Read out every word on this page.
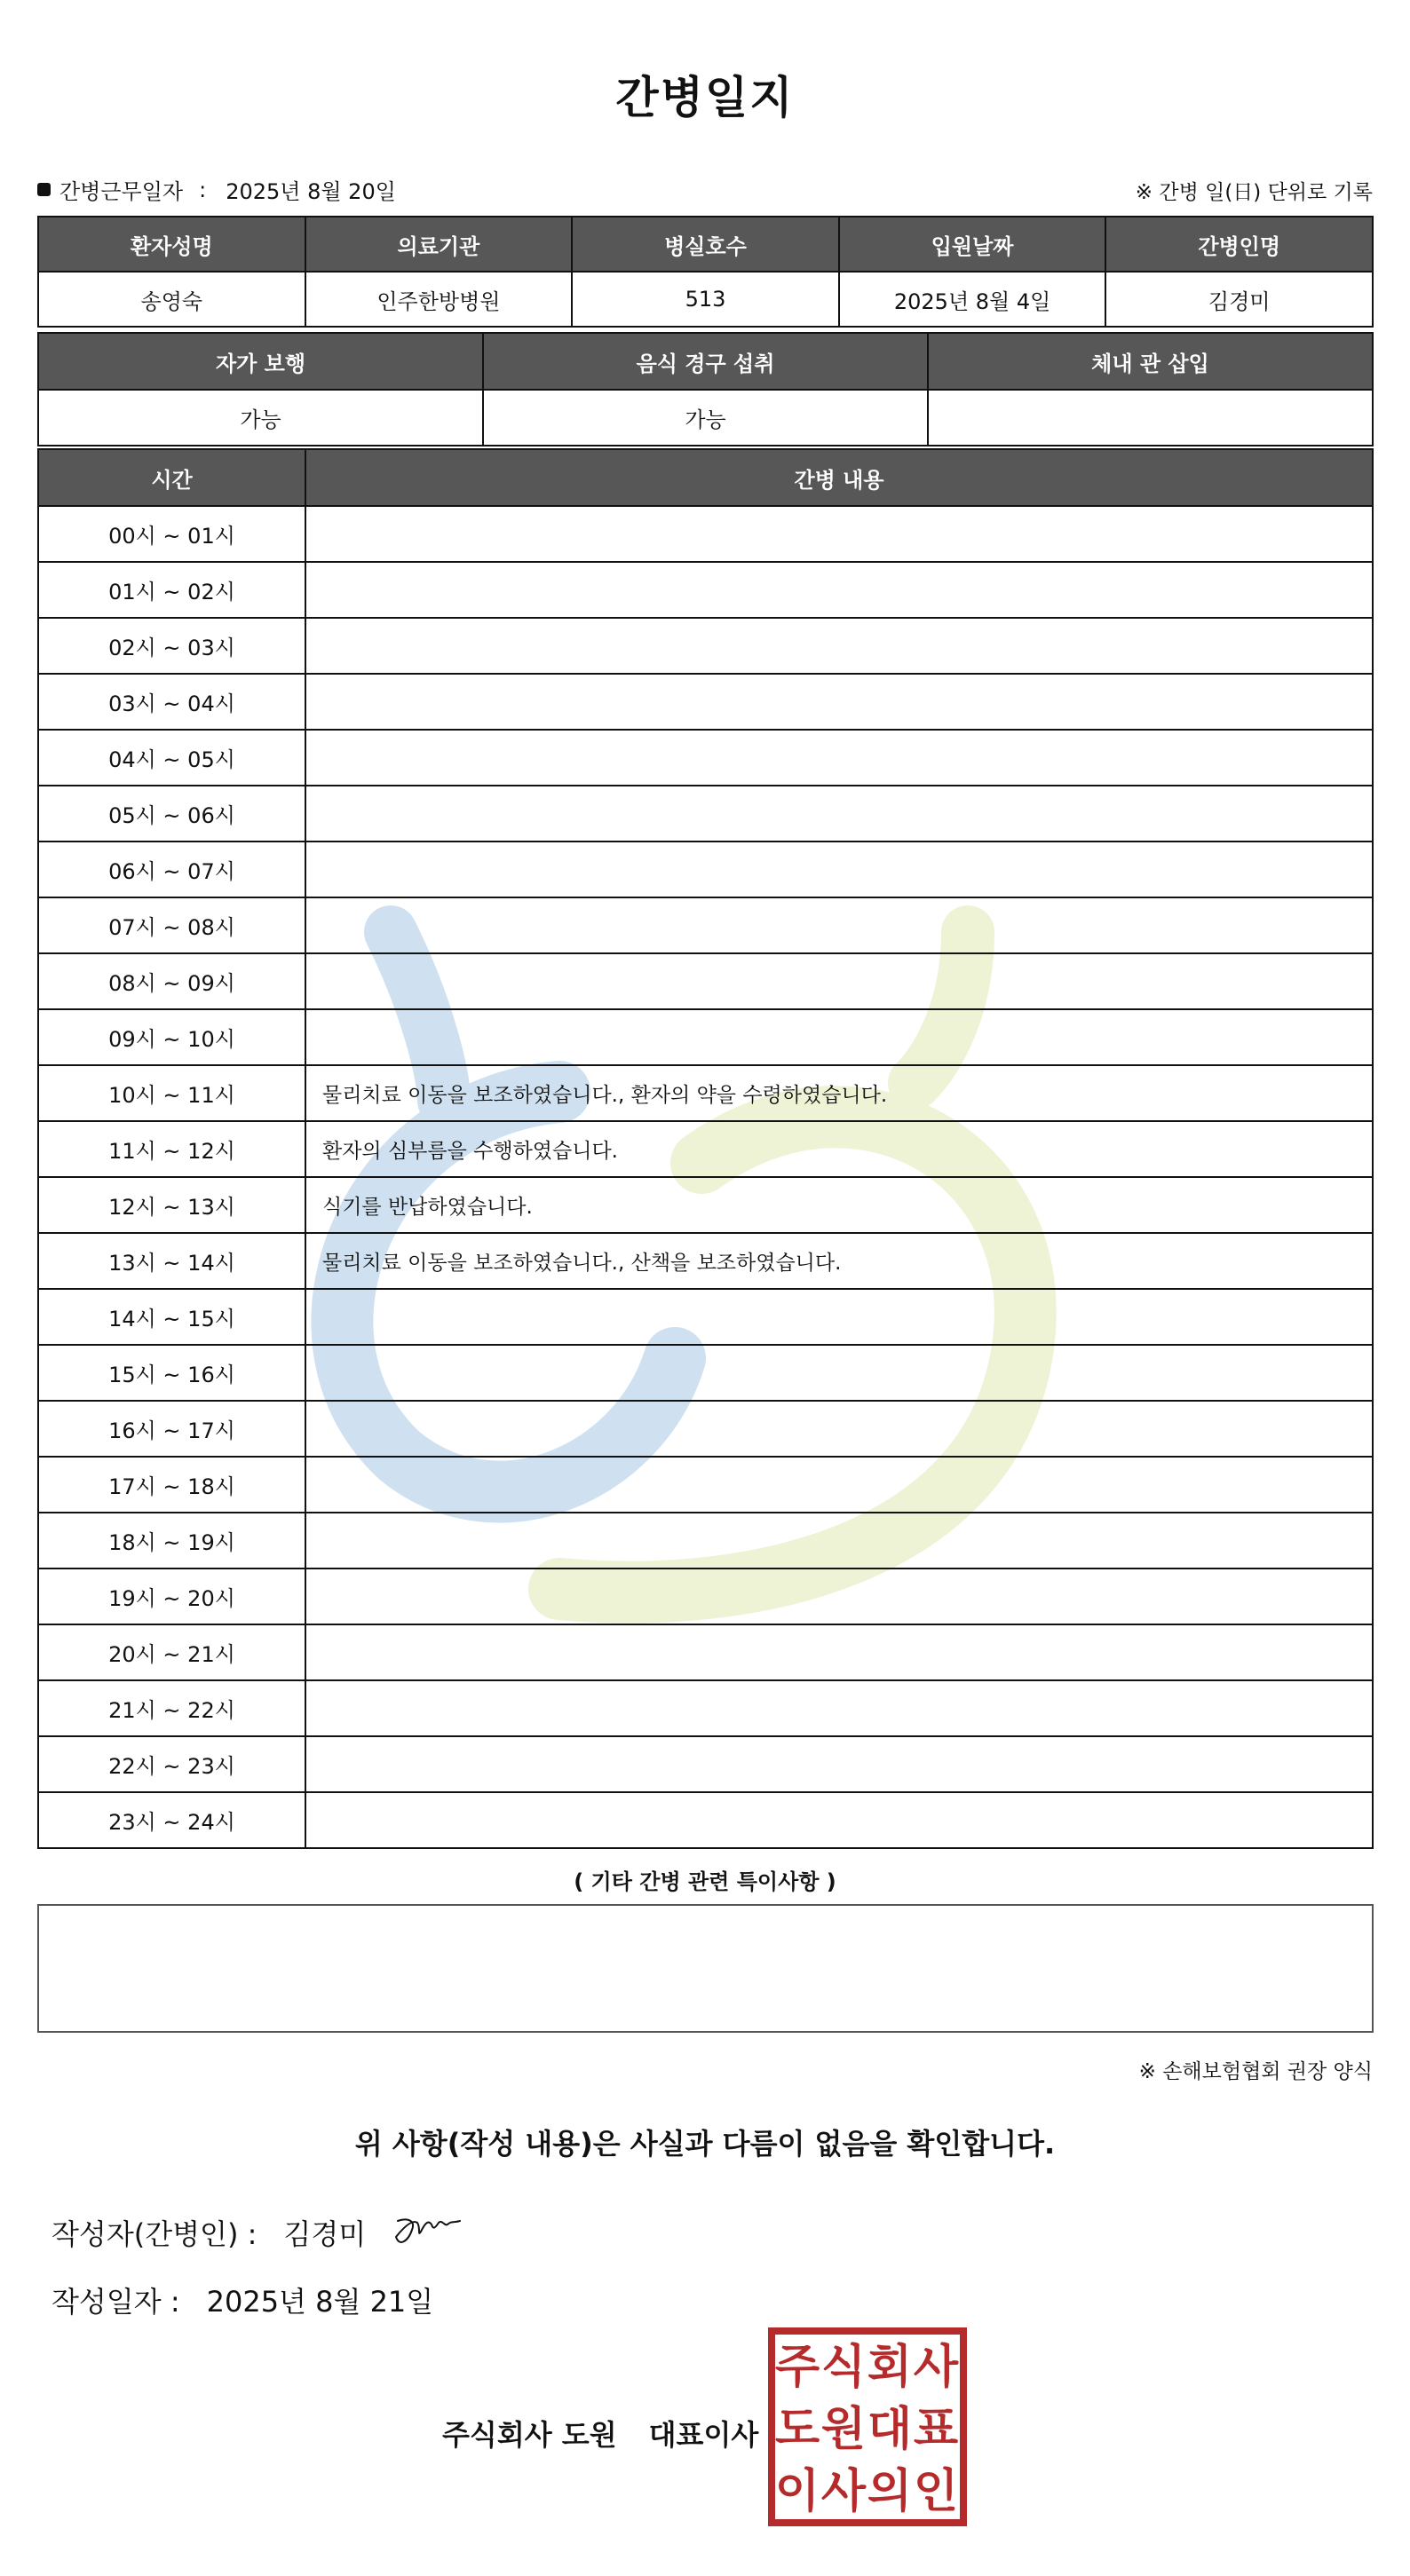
간병일지
간병근무일자 : 2025년 8월 20일	※ 간병 일(日) 단위로 기록
환자성명	의료기관	병실호수	입원날짜	간병인명
송영숙	인주한방병원	513	2025년 8월 4일	김경미
자가 보행	음식 경구 섭취	체내 관 삽입
가능	가능	
시간	간병 내용
00시 ~ 01시	
01시 ~ 02시	
02시 ~ 03시	
03시 ~ 04시	
04시 ~ 05시	
05시 ~ 06시	
06시 ~ 07시	
07시 ~ 08시	
08시 ~ 09시	
09시 ~ 10시	
10시 ~ 11시	물리치료 이동을 보조하였습니다., 환자의 약을 수령하였습니다.
11시 ~ 12시	환자의 심부름을 수행하였습니다.
12시 ~ 13시	식기를 반납하였습니다.
13시 ~ 14시	물리치료 이동을 보조하였습니다., 산책을 보조하였습니다.
14시 ~ 15시	
15시 ~ 16시	
16시 ~ 17시	
17시 ~ 18시	
18시 ~ 19시	
19시 ~ 20시	
20시 ~ 21시	
21시 ~ 22시	
22시 ~ 23시	
23시 ~ 24시	
( 기타 간병 관련 특이사항 )
※ 손해보험협회 권장 양식
위 사항(작성 내용)은 사실과 다름이 없음을 확인합니다.
작성자(간병인) : 김경미
작성일자 : 2025년 8월 21일
주식회사 도원 대표이사
주 식 회 사
도 원 대 표
이 사 의 인
